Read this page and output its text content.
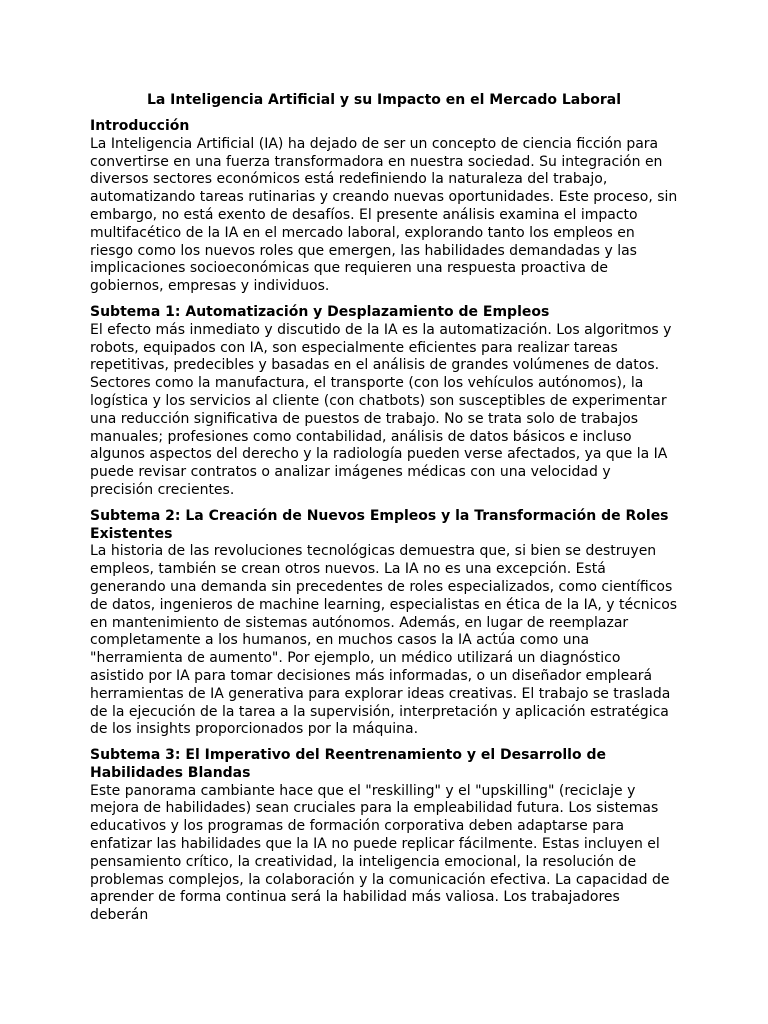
La Inteligencia Artificial y su Impacto en el Mercado Laboral

Introducción

La Inteligencia Artificial (IA) ha dejado de ser un concepto de ciencia ficción para convertirse en una fuerza transformadora en nuestra sociedad. Su integración en diversos sectores económicos está redefiniendo la naturaleza del trabajo, automatizando tareas rutinarias y creando nuevas oportunidades. Este proceso, sin embargo, no está exento de desafíos. El presente análisis examina el impacto multifacético de la IA en el mercado laboral, explorando tanto los empleos en riesgo como los nuevos roles que emergen, las habilidades demandadas y las implicaciones socioeconómicas que requieren una respuesta proactiva de gobiernos, empresas y individuos.

Subtema 1: Automatización y Desplazamiento de Empleos

El efecto más inmediato y discutido de la IA es la automatización. Los algoritmos y robots, equipados con IA, son especialmente eficientes para realizar tareas repetitivas, predecibles y basadas en el análisis de grandes volúmenes de datos. Sectores como la manufactura, el transporte (con los vehículos autónomos), la logística y los servicios al cliente (con chatbots) son susceptibles de experimentar una reducción significativa de puestos de trabajo. No se trata solo de trabajos manuales; profesiones como contabilidad, análisis de datos básicos e incluso algunos aspectos del derecho y la radiología pueden verse afectados, ya que la IA puede revisar contratos o analizar imágenes médicas con una velocidad y precisión crecientes.

Subtema 2: La Creación de Nuevos Empleos y la Transformación de Roles Existentes

La historia de las revoluciones tecnológicas demuestra que, si bien se destruyen empleos, también se crean otros nuevos. La IA no es una excepción. Está generando una demanda sin precedentes de roles especializados, como científicos de datos, ingenieros de machine learning, especialistas en ética de la IA, y técnicos en mantenimiento de sistemas autónomos. Además, en lugar de reemplazar completamente a los humanos, en muchos casos la IA actúa como una "herramienta de aumento". Por ejemplo, un médico utilizará un diagnóstico asistido por IA para tomar decisiones más informadas, o un diseñador empleará herramientas de IA generativa para explorar ideas creativas. El trabajo se traslada de la ejecución de la tarea a la supervisión, interpretación y aplicación estratégica de los insights proporcionados por la máquina.

Subtema 3: El Imperativo del Reentrenamiento y el Desarrollo de Habilidades Blandas

Este panorama cambiante hace que el "reskilling" y el "upskilling" (reciclaje y mejora de habilidades) sean cruciales para la empleabilidad futura. Los sistemas educativos y los programas de formación corporativa deben adaptarse para enfatizar las habilidades que la IA no puede replicar fácilmente. Estas incluyen el pensamiento crítico, la creatividad, la inteligencia emocional, la resolución de problemas complejos, la colaboración y la comunicación efectiva. La capacidad de aprender de forma continua será la habilidad más valiosa. Los trabajadores deberán
